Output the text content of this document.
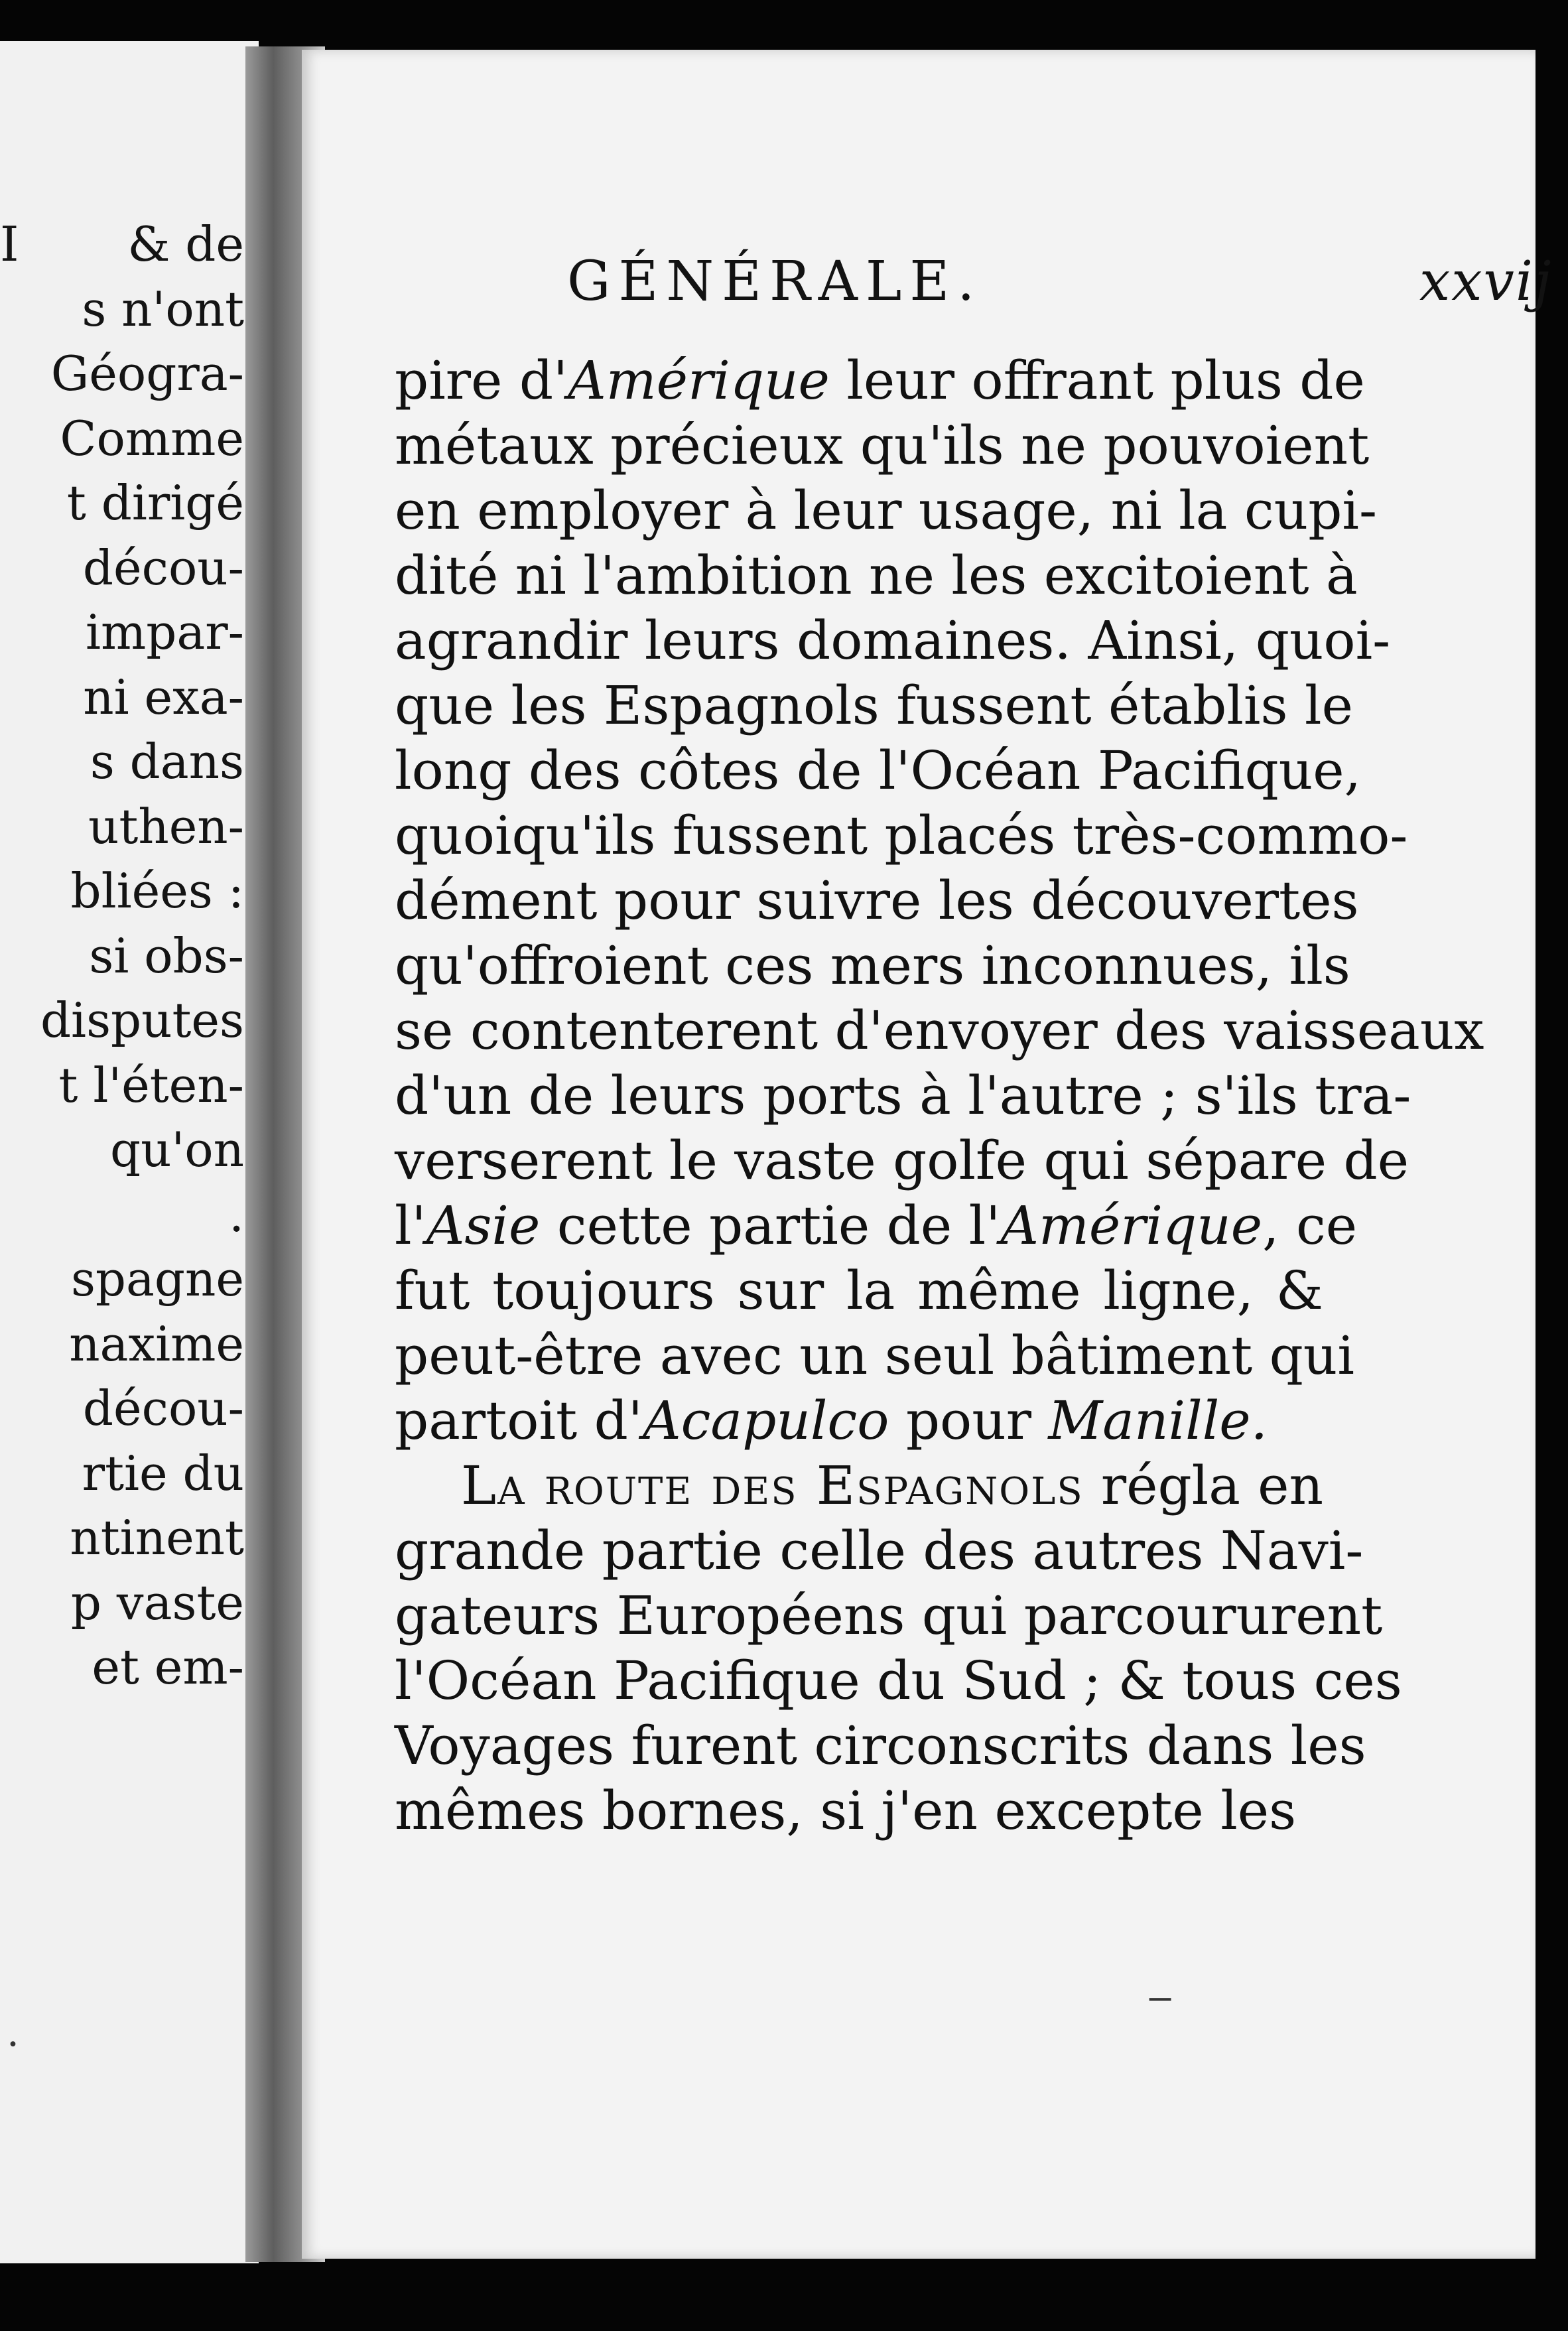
I	& de
s n'ont
Géogra-
Comme
t dirigé
décou-
impar-
ni exa-
s dans
uthen-
bliées :
si obs-
disputes
t l'éten-
qu'on
.
spagne
naxime
décou-
rtie du
ntinent
p vaste
et em-
·
GÉNÉRALE.	xxvij
pire d'Amérique leur offrant plus de
métaux précieux qu'ils ne pouvoient
en employer à leur usage, ni la cupi-
dité ni l'ambition ne les excitoient à
agrandir leurs domaines. Ainsi, quoi-
que les Espagnols fussent établis le
long des côtes de l'Océan Pacifique,
quoiqu'ils fussent placés très-commo-
dément pour suivre les découvertes
qu'offroient ces mers inconnues, ils
se contenterent d'envoyer des vaisseaux
d'un de leurs ports à l'autre ; s'ils tra-
verserent le vaste golfe qui sépare de
l'Asie cette partie de l'Amérique, ce
fut toujours sur la même ligne, &
peut-être avec un seul bâtiment qui
partoit d'Acapulco pour Manille.
La route des Espagnols régla en
grande partie celle des autres Navi-
gateurs Européens qui parcoururent
l'Océan Pacifique du Sud ; & tous ces
Voyages furent circonscrits dans les
mêmes bornes, si j'en excepte les
‒
